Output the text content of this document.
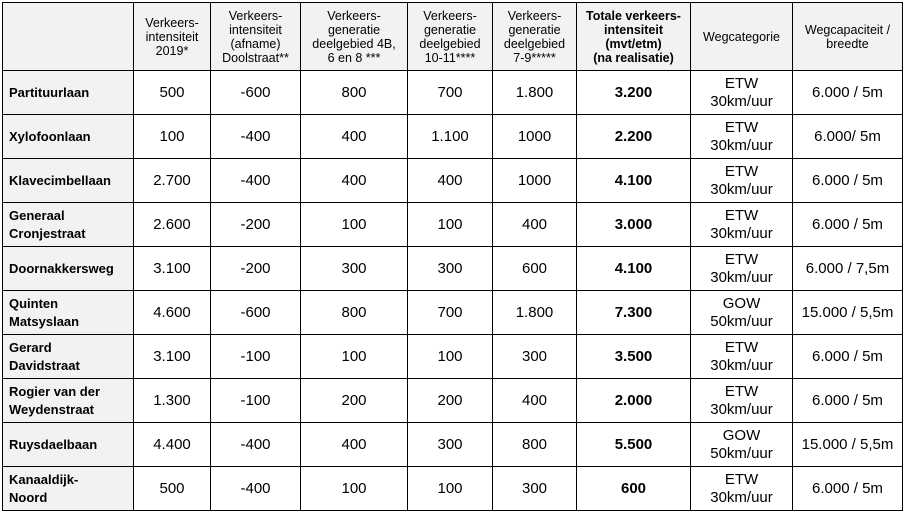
	Verkeers-
intensiteit
2019*	Verkeers-
intensiteit
(afname)
Doolstraat**	Verkeers-
generatie
deelgebied 4B,
6 en 8 ***	Verkeers-
generatie
deelgebied
10-11****	Verkeers-
generatie
deelgebied
7-9*****	Totale verkeers-
intensiteit
(mvt/etm)
(na realisatie)	Wegcategorie	Wegcapaciteit /
breedte
Partituurlaan	500	-600	800	700	1.800	3.200	ETW
30km/uur	6.000 / 5m
Xylofoonlaan	100	-400	400	1.100	1000	2.200	ETW
30km/uur	6.000/ 5m
Klavecimbellaan	2.700	-400	400	400	1000	4.100	ETW
30km/uur	6.000 / 5m
Generaal
Cronjestraat	2.600	-200	100	100	400	3.000	ETW
30km/uur	6.000 / 5m
Doornakkersweg	3.100	-200	300	300	600	4.100	ETW
30km/uur	6.000 / 7,5m
Quinten
Matsyslaan	4.600	-600	800	700	1.800	7.300	GOW
50km/uur	15.000 / 5,5m
Gerard
Davidstraat	3.100	-100	100	100	300	3.500	ETW
30km/uur	6.000 / 5m
Rogier van der
Weydenstraat	1.300	-100	200	200	400	2.000	ETW
30km/uur	6.000 / 5m
Ruysdaelbaan	4.400	-400	400	300	800	5.500	GOW
50km/uur	15.000 / 5,5m
Kanaaldijk-
Noord	500	-400	100	100	300	600	ETW
30km/uur	6.000 / 5m
